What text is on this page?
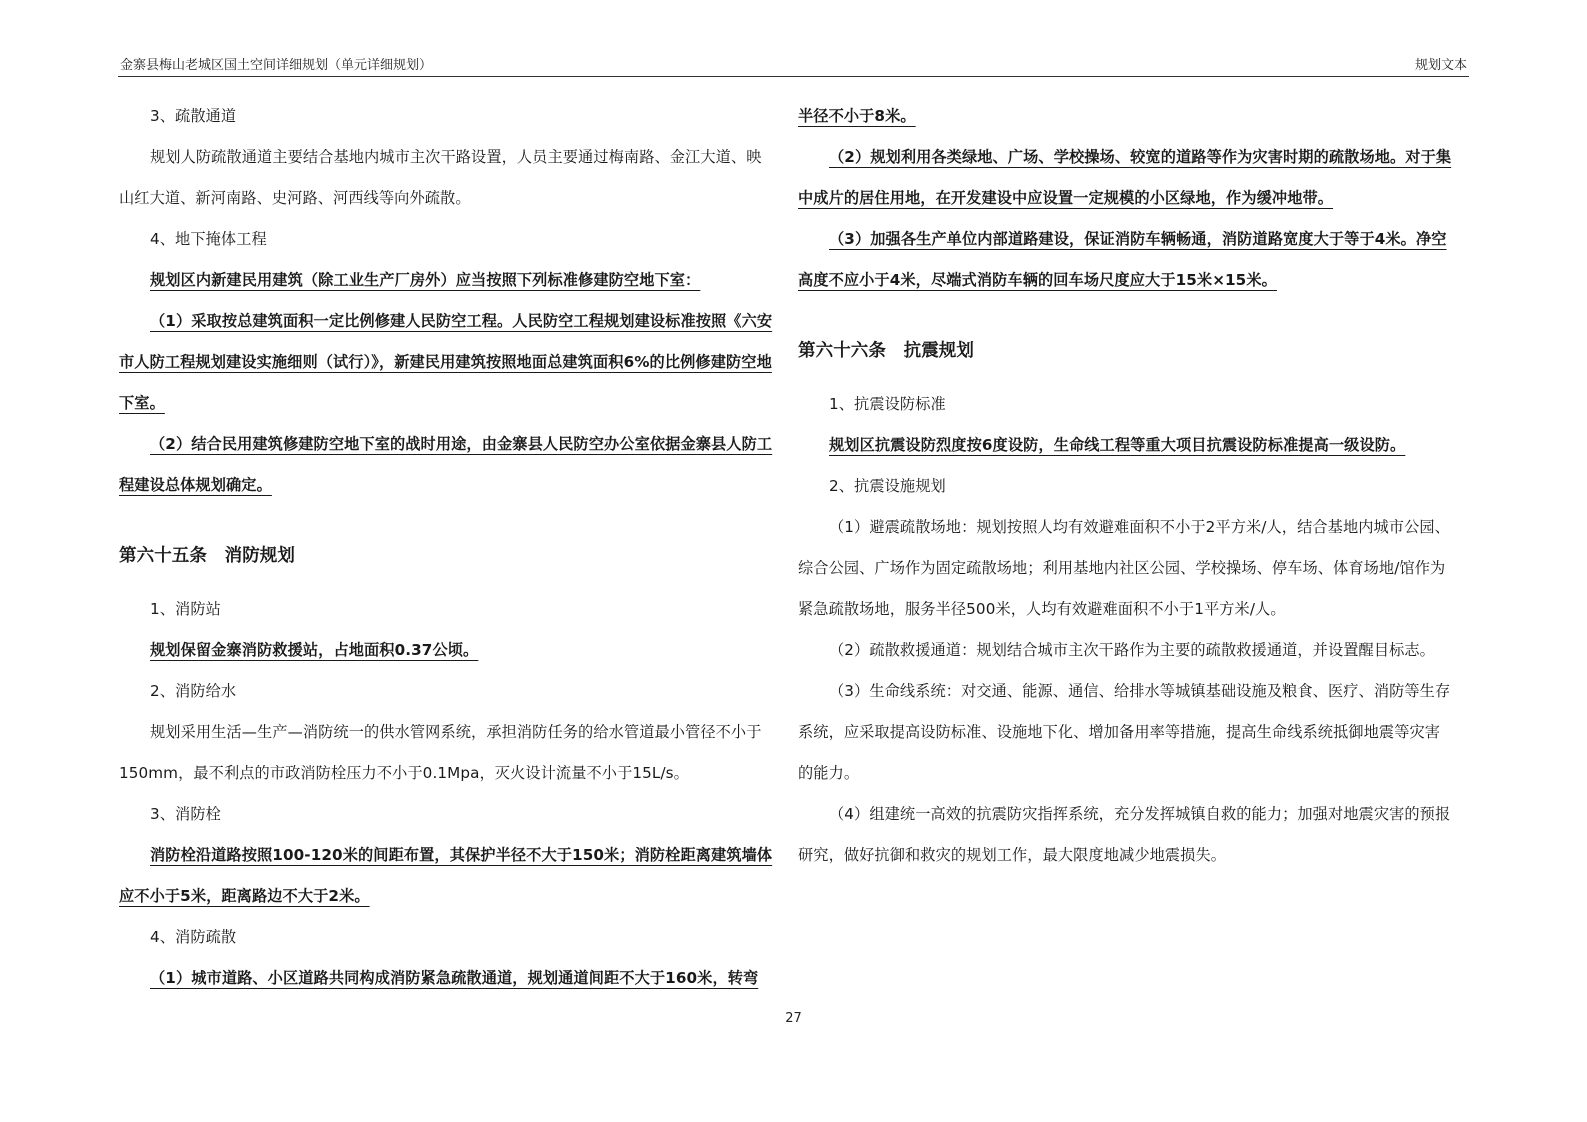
金寨县梅山老城区国土空间详细规划（单元详细规划）	规划文本

3、疏散通道

规划人防疏散通道主要结合基地内城市主次干路设置，人员主要通过梅南路、金江大道、映山红大道、新河南路、史河路、河西线等向外疏散。

4、地下掩体工程

规划区内新建民用建筑（除工业生产厂房外）应当按照下列标准修建防空地下室：

（1）采取按总建筑面积一定比例修建人民防空工程。人民防空工程规划建设标准按照《六安市人防工程规划建设实施细则（试行）》，新建民用建筑按照地面总建筑面积6%的比例修建防空地下室。

（2）结合民用建筑修建防空地下室的战时用途，由金寨县人民防空办公室依据金寨县人防工程建设总体规划确定。

第六十五条　消防规划

1、消防站

规划保留金寨消防救援站，占地面积0.37公顷。

2、消防给水

规划采用生活—生产—消防统一的供水管网系统，承担消防任务的给水管道最小管径不小于150mm，最不利点的市政消防栓压力不小于0.1Mpa，灭火设计流量不小于15L/s。

3、消防栓

消防栓沿道路按照100-120米的间距布置，其保护半径不大于150米；消防栓距离建筑墙体应不小于5米，距离路边不大于2米。

4、消防疏散

（1）城市道路、小区道路共同构成消防紧急疏散通道，规划通道间距不大于160米，转弯

半径不小于8米。

（2）规划利用各类绿地、广场、学校操场、较宽的道路等作为灾害时期的疏散场地。对于集中成片的居住用地，在开发建设中应设置一定规模的小区绿地，作为缓冲地带。

（3）加强各生产单位内部道路建设，保证消防车辆畅通，消防道路宽度大于等于4米。净空高度不应小于4米，尽端式消防车辆的回车场尺度应大于15米×15米。

第六十六条　抗震规划

1、抗震设防标准

规划区抗震设防烈度按6度设防，生命线工程等重大项目抗震设防标准提高一级设防。

2、抗震设施规划

（1）避震疏散场地：规划按照人均有效避难面积不小于2平方米/人，结合基地内城市公园、综合公园、广场作为固定疏散场地；利用基地内社区公园、学校操场、停车场、体育场地/馆作为紧急疏散场地，服务半径500米，人均有效避难面积不小于1平方米/人。

（2）疏散救援通道：规划结合城市主次干路作为主要的疏散救援通道，并设置醒目标志。

（3）生命线系统：对交通、能源、通信、给排水等城镇基础设施及粮食、医疗、消防等生存系统，应采取提高设防标准、设施地下化、增加备用率等措施，提高生命线系统抵御地震等灾害的能力。

（4）组建统一高效的抗震防灾指挥系统，充分发挥城镇自救的能力；加强对地震灾害的预报研究，做好抗御和救灾的规划工作，最大限度地减少地震损失。

27
